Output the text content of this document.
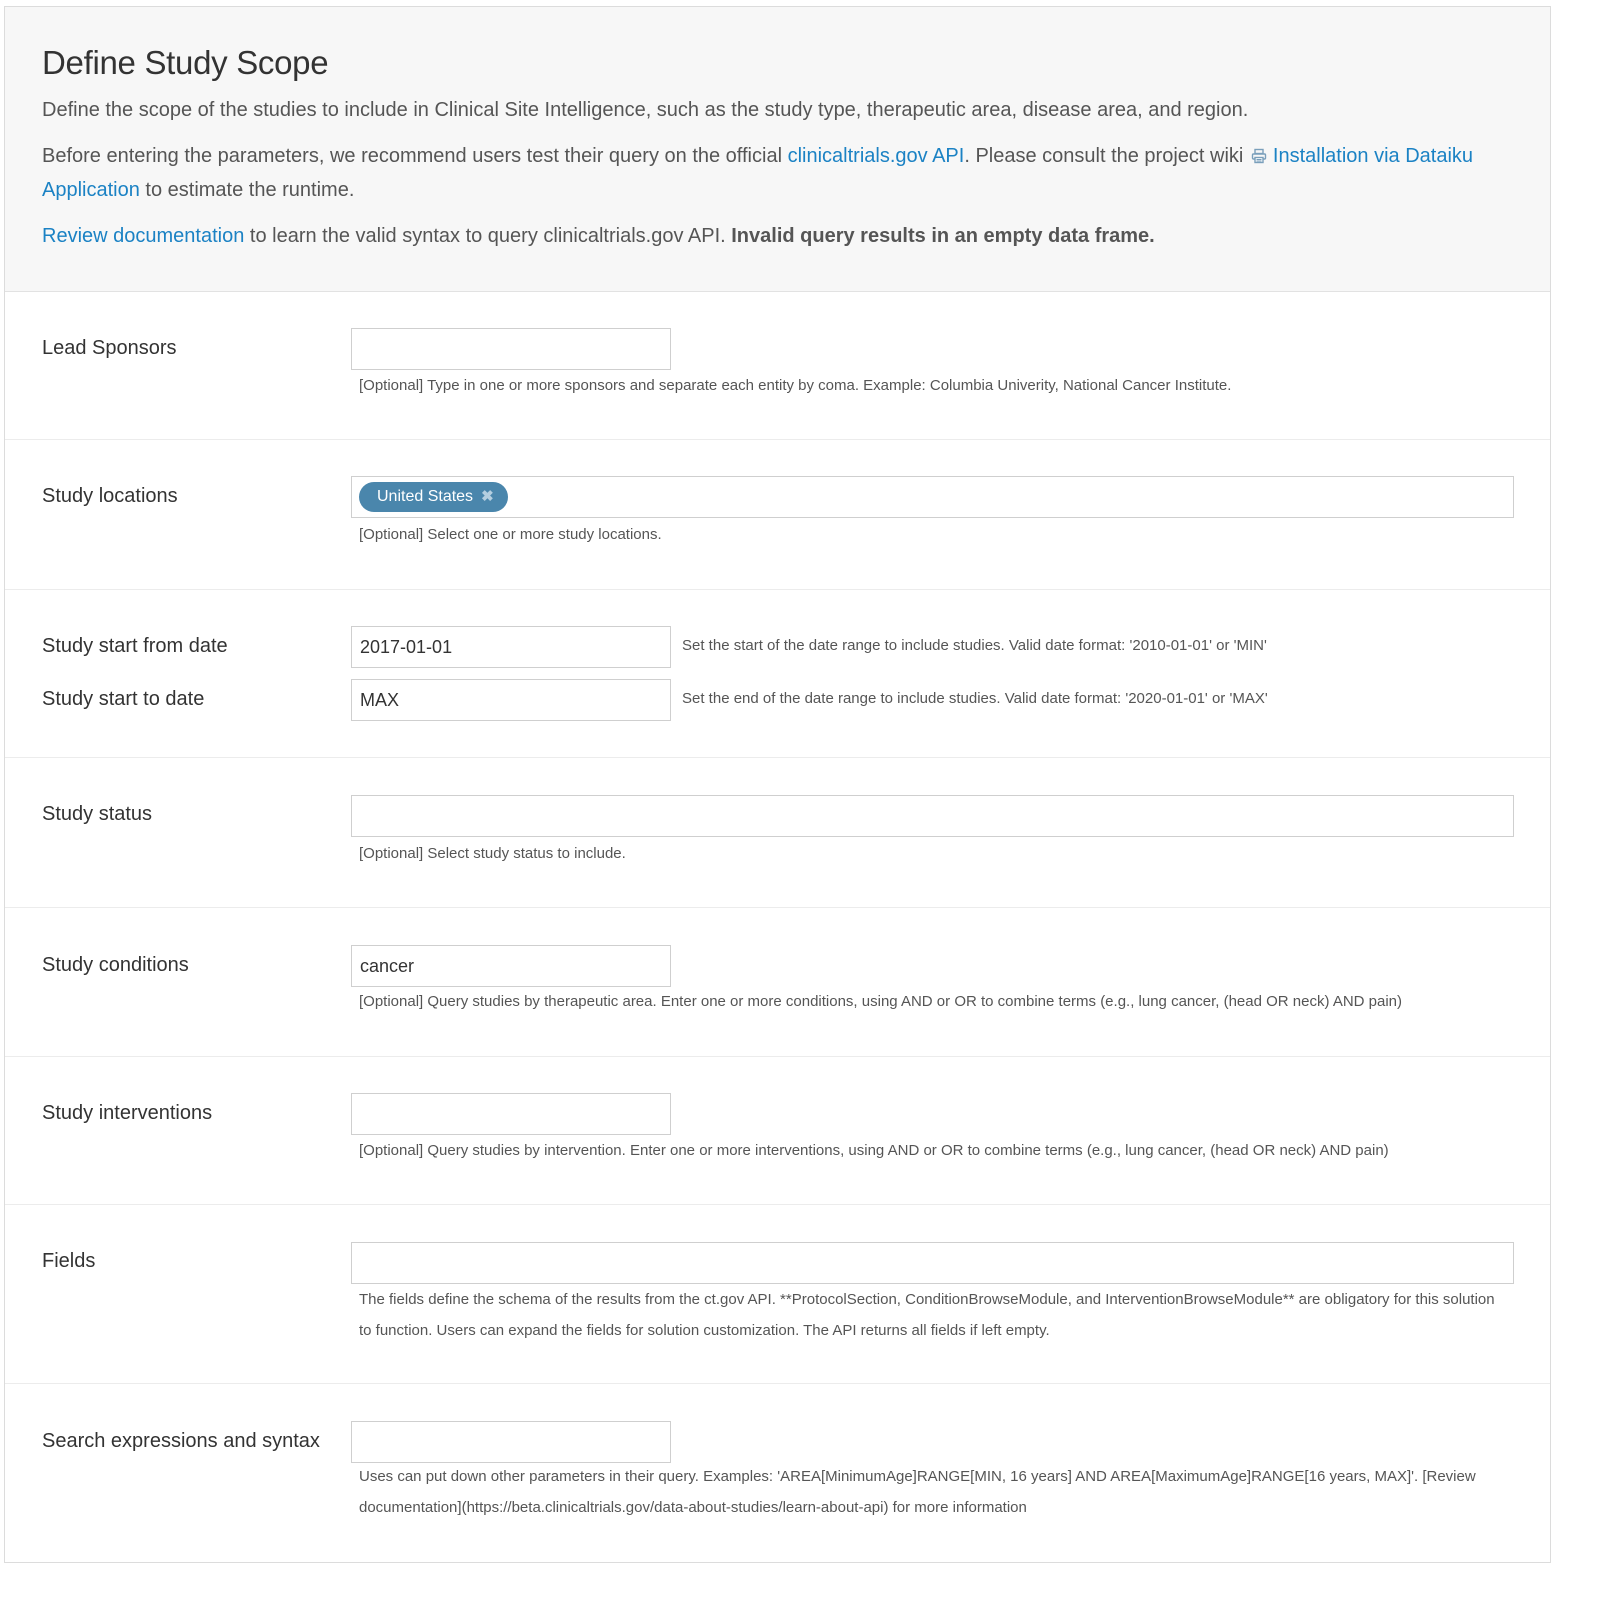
Define Study Scope

Define the scope of the studies to include in Clinical Site Intelligence, such as the study type, therapeutic area, disease area, and region.

Before entering the parameters, we recommend users test their query on the official clinicaltrials.gov API. Please consult the project wiki Installation via Dataiku Application to estimate the runtime.

Review documentation to learn the valid syntax to query clinicaltrials.gov API. Invalid query results in an empty data frame.

Lead Sponsors
[Optional] Type in one or more sponsors and separate each entity by coma. Example: Columbia Univerity, National Cancer Institute.
Study locations	United States ✖
[Optional] Select one or more study locations.
Study start from date
2017-01-01	Set the start of the date range to include studies. Valid date format: '2010-01-01' or 'MIN'
Study start to date
MAX	Set the end of the date range to include studies. Valid date format: '2020-01-01' or 'MAX'
Study status
[Optional] Select study status to include.
Study conditions
cancer
[Optional] Query studies by therapeutic area. Enter one or more conditions, using AND or OR to combine terms (e.g., lung cancer, (head OR neck) AND pain)
Study interventions
[Optional] Query studies by intervention. Enter one or more interventions, using AND or OR to combine terms (e.g., lung cancer, (head OR neck) AND pain)
Fields
The fields define the schema of the results from the ct.gov API. **ProtocolSection, ConditionBrowseModule, and InterventionBrowseModule** are obligatory for this solution
to function. Users can expand the fields for solution customization. The API returns all fields if left empty.
Search expressions and syntax
Uses can put down other parameters in their query. Examples: 'AREA[MinimumAge]RANGE[MIN, 16 years] AND AREA[MaximumAge]RANGE[16 years, MAX]'. [Review
documentation](https://beta.clinicaltrials.gov/data-about-studies/learn-about-api) for more information
